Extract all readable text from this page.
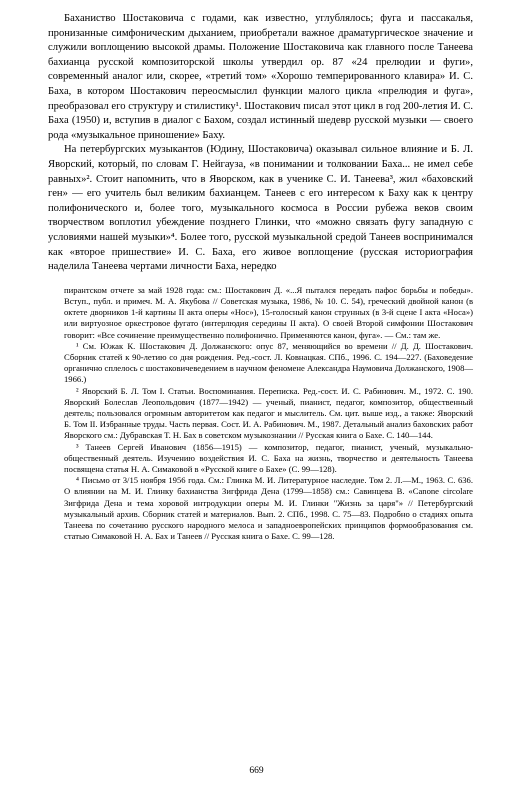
Баханиство Шостаковича с годами, как известно, углублялось; фуга и пассакалья, пронизанные симфоническим дыханием, приобретали важное драматургическое значение и служили воплощению высокой драмы. Положение Шостаковича как главного после Танеева бахианца русской композиторской школы утвердил ор. 87 «24 прелюдии и фуги», современный аналог или, скорее, «третий том» «Хорошо темперированного клавира» И. С. Баха, в котором Шостакович переосмыслил функции малого цикла «прелюдия и фуга», преобразовал его структуру и стилистику¹. Шостакович писал этот цикл в год 200-летия И. С. Баха (1950) и, вступив в диалог с Бахом, создал истинный шедевр русской музыки — своего рода «музыкальное приношение» Баху.

На петербургских музыкантов (Юдину, Шостаковича) оказывал сильное влияние и Б. Л. Яворский, который, по словам Г. Нейгауза, «в понимании и толковании Баха... не имел себе равных»². Стоит напомнить, что в Яворском, как в ученике С. И. Танеева³, жил «баховский ген» — его учитель был великим бахианцем. Танеев с его интересом к Баху как к центру полифонического и, более того, музыкального космоса в России рубежа веков своим творчеством воплотил убеждение позднего Глинки, что «можно связать фугу западную с условиями нашей музыки»⁴. Более того, русской музыкальной средой Танеев воспринимался как «второе пришествие» И. С. Баха, его живое воплощение (русская историография наделила Танеева чертами личности Баха, нередко

пирантском отчете за май 1928 года: см.: Шостакович Д. «...Я пытался передать пафос борьбы и победы». Вступ., публ. и примеч. М. А. Якубова // Советская музыка, 1986, № 10. С. 54), греческий двойной канон (в октете дворников 1-й картины II акта оперы «Нос»), 15-голосный канон струнных (в 3-й сцене I акта «Носа») или виртуозное оркестровое фугато (интерлюдия середины II акта). О своей Второй симфонии Шостакович говорит: «Все сочинение преимущественно полифонично. Применяются канон, фуга». — См.: там же.

¹ См. Южак К. Шостакович Д. Должанского: опус 87, меняющийся во времени // Д. Д. Шостакович. Сборник статей к 90-летию со дня рождения. Ред.-сост. Л. Ковнацкая. СПб., 1996. С. 194—227. (Баховедение органично сплелось с шостаковичеведением в научном феномене Александра Наумовича Должанского, 1908—1966.)

² Яворский Б. Л. Том I. Статьи. Воспоминания. Переписка. Ред.-сост. И. С. Рабинович. М., 1972. С. 190. Яворский Болеслав Леопольдович (1877—1942) — ученый, пианист, педагог, композитор, общественный деятель; пользовался огромным авторитетом как педагог и мыслитель. См. цит. выше изд., а также: Яворский Б. Том II. Избранные труды. Часть первая. Сост. И. А. Рабинович. М., 1987. Детальный анализ баховских работ Яворского см.: Дубравская Т. Н. Бах в советском музыкознании // Русская книга о Бахе. С. 140—144.

³ Танеев Сергей Иванович (1856—1915) — композитор, педагог, пианист, ученый, музыкально-общественный деятель. Изучению воздействия И. С. Баха на жизнь, творчество и деятельность Танеева посвящена статья Н. А. Симаковой в «Русской книге о Бахе» (С. 99—128).

⁴ Письмо от 3/15 ноября 1956 года. См.: Глинка М. И. Литературное наследие. Том 2. Л.—М., 1963. С. 636. О влиянии на М. И. Глинку бахианства Зигфрида Дена (1799—1858) см.: Савинцева В. «Canone circolare Зигфрида Дена и тема хоровой интродукции оперы М. И. Глинки "Жизнь за царя"» // Петербургский музыкальный архив. Сборник статей и материалов. Вып. 2. СПб., 1998. С. 75—83. Подробно о стадиях опыта Танеева по сочетанию русского народного мелоса и западноевропейских принципов формообразования см. статью Симаковой Н. А. Бах и Танеев // Русская книга о Бахе. С. 99—128.

669
